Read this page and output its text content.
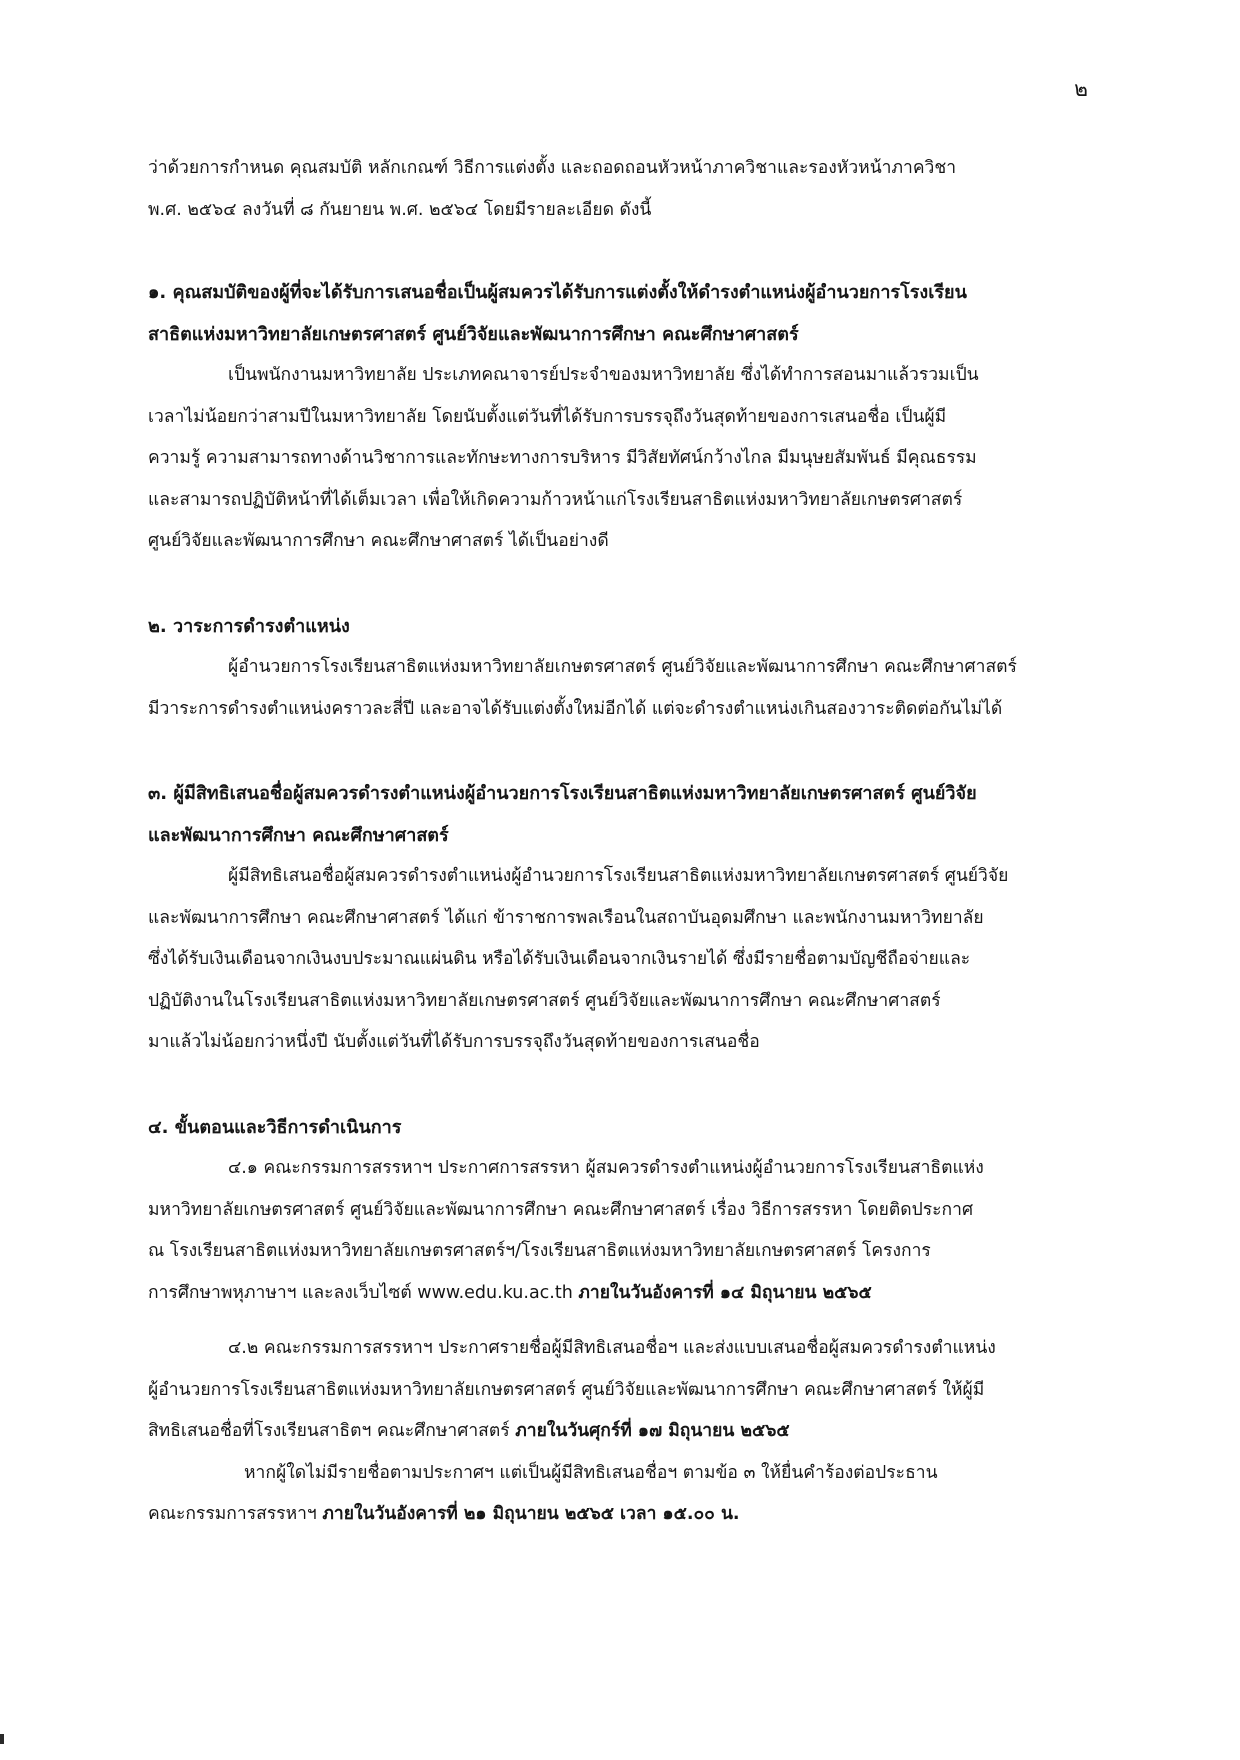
๒

ว่าด้วยการกำหนด คุณสมบัติ หลักเกณฑ์ วิธีการแต่งตั้ง และถอดถอนหัวหน้าภาควิชาและรองหัวหน้าภาควิชา
พ.ศ. ๒๕๖๔ ลงวันที่ ๘ กันยายน พ.ศ. ๒๕๖๔ โดยมีรายละเอียด ดังนี้

๑. คุณสมบัติของผู้ที่จะได้รับการเสนอชื่อเป็นผู้สมควรได้รับการแต่งตั้งให้ดำรงตำแหน่งผู้อำนวยการโรงเรียน
สาธิตแห่งมหาวิทยาลัยเกษตรศาสตร์ ศูนย์วิจัยและพัฒนาการศึกษา คณะศึกษาศาสตร์

เป็นพนักงานมหาวิทยาลัย ประเภทคณาจารย์ประจำของมหาวิทยาลัย ซึ่งได้ทำการสอนมาแล้วรวมเป็น
เวลาไม่น้อยกว่าสามปีในมหาวิทยาลัย โดยนับตั้งแต่วันที่ได้รับการบรรจุถึงวันสุดท้ายของการเสนอชื่อ เป็นผู้มี
ความรู้ ความสามารถทางด้านวิชาการและทักษะทางการบริหาร มีวิสัยทัศน์กว้างไกล มีมนุษยสัมพันธ์ มีคุณธรรม
และสามารถปฏิบัติหน้าที่ได้เต็มเวลา เพื่อให้เกิดความก้าวหน้าแก่โรงเรียนสาธิตแห่งมหาวิทยาลัยเกษตรศาสตร์
ศูนย์วิจัยและพัฒนาการศึกษา คณะศึกษาศาสตร์ ได้เป็นอย่างดี

๒. วาระการดำรงตำแหน่ง

ผู้อำนวยการโรงเรียนสาธิตแห่งมหาวิทยาลัยเกษตรศาสตร์ ศูนย์วิจัยและพัฒนาการศึกษา คณะศึกษาศาสตร์
มีวาระการดำรงตำแหน่งคราวละสี่ปี และอาจได้รับแต่งตั้งใหม่อีกได้ แต่จะดำรงตำแหน่งเกินสองวาระติดต่อกันไม่ได้

๓. ผู้มีสิทธิเสนอชื่อผู้สมควรดำรงตำแหน่งผู้อำนวยการโรงเรียนสาธิตแห่งมหาวิทยาลัยเกษตรศาสตร์ ศูนย์วิจัย
และพัฒนาการศึกษา คณะศึกษาศาสตร์

ผู้มีสิทธิเสนอชื่อผู้สมควรดำรงตำแหน่งผู้อำนวยการโรงเรียนสาธิตแห่งมหาวิทยาลัยเกษตรศาสตร์ ศูนย์วิจัย
และพัฒนาการศึกษา คณะศึกษาศาสตร์ ได้แก่ ข้าราชการพลเรือนในสถาบันอุดมศึกษา และพนักงานมหาวิทยาลัย
ซึ่งได้รับเงินเดือนจากเงินงบประมาณแผ่นดิน หรือได้รับเงินเดือนจากเงินรายได้ ซึ่งมีรายชื่อตามบัญชีถือจ่ายและ
ปฏิบัติงานในโรงเรียนสาธิตแห่งมหาวิทยาลัยเกษตรศาสตร์ ศูนย์วิจัยและพัฒนาการศึกษา คณะศึกษาศาสตร์
มาแล้วไม่น้อยกว่าหนึ่งปี นับตั้งแต่วันที่ได้รับการบรรจุถึงวันสุดท้ายของการเสนอชื่อ

๔. ขั้นตอนและวิธีการดำเนินการ

๔.๑ คณะกรรมการสรรหาฯ ประกาศการสรรหา ผู้สมควรดำรงตำแหน่งผู้อำนวยการโรงเรียนสาธิตแห่ง
มหาวิทยาลัยเกษตรศาสตร์ ศูนย์วิจัยและพัฒนาการศึกษา คณะศึกษาศาสตร์ เรื่อง วิธีการสรรหา โดยติดประกาศ
ณ โรงเรียนสาธิตแห่งมหาวิทยาลัยเกษตรศาสตร์ฯ/โรงเรียนสาธิตแห่งมหาวิทยาลัยเกษตรศาสตร์ โครงการ
การศึกษาพหุภาษาฯ และลงเว็บไซต์ www.edu.ku.ac.th ภายในวันอังคารที่ ๑๔ มิถุนายน ๒๕๖๕

๔.๒ คณะกรรมการสรรหาฯ ประกาศรายชื่อผู้มีสิทธิเสนอชื่อฯ และส่งแบบเสนอชื่อผู้สมควรดำรงตำแหน่ง
ผู้อำนวยการโรงเรียนสาธิตแห่งมหาวิทยาลัยเกษตรศาสตร์ ศูนย์วิจัยและพัฒนาการศึกษา คณะศึกษาศาสตร์ ให้ผู้มี
สิทธิเสนอชื่อที่โรงเรียนสาธิตฯ คณะศึกษาศาสตร์ ภายในวันศุกร์ที่ ๑๗ มิถุนายน ๒๕๖๕

หากผู้ใดไม่มีรายชื่อตามประกาศฯ แต่เป็นผู้มีสิทธิเสนอชื่อฯ ตามข้อ ๓ ให้ยื่นคำร้องต่อประธาน
คณะกรรมการสรรหาฯ ภายในวันอังคารที่ ๒๑ มิถุนายน ๒๕๖๕ เวลา ๑๕.๐๐ น.
